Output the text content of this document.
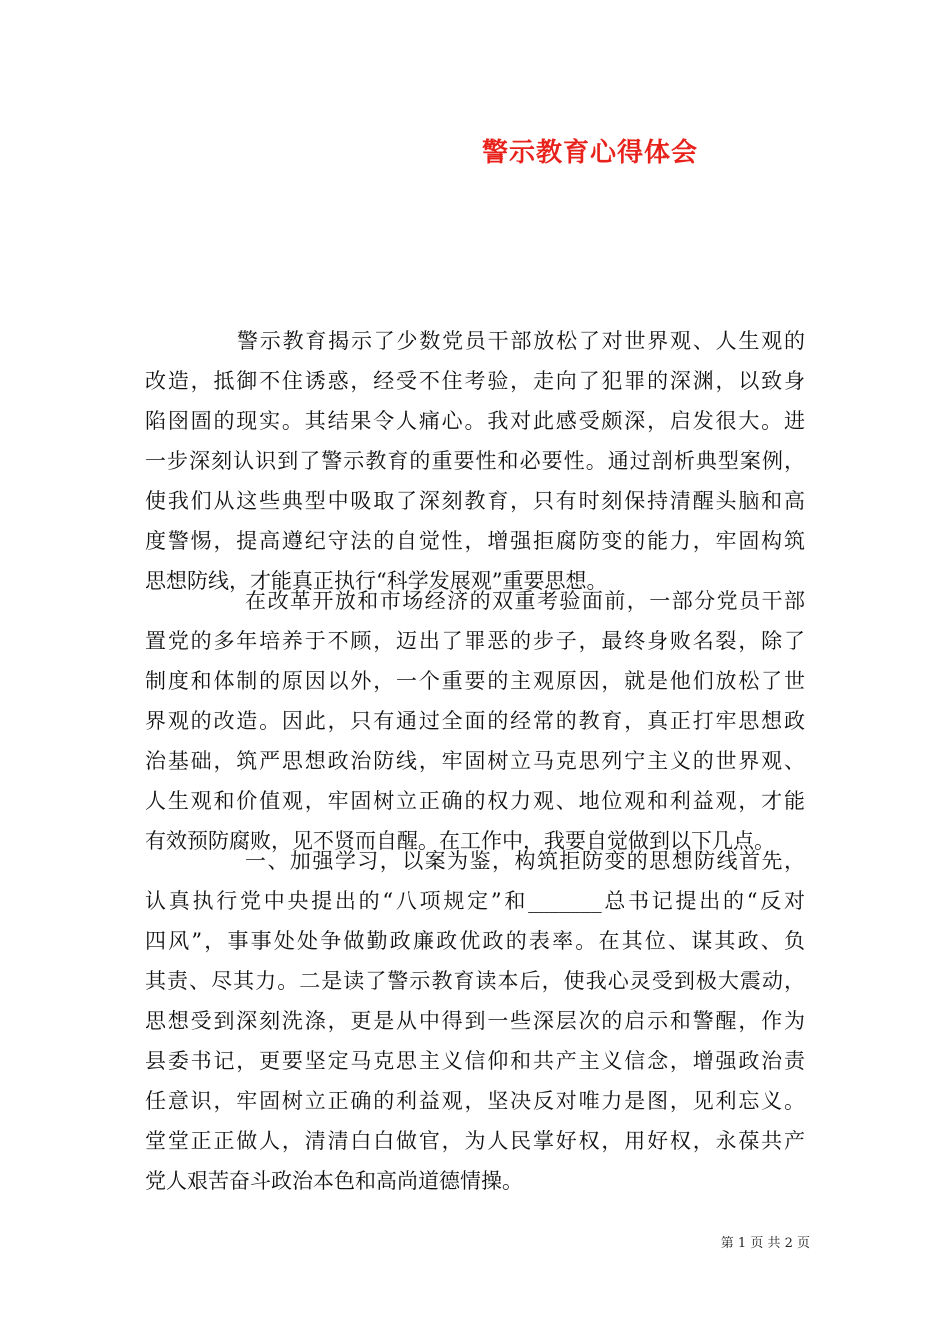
警示教育心得体会
警示教育揭示了少数党员干部放松了对世界观、人生观的
改造，抵御不住诱惑，经受不住考验，走向了犯罪的深渊，以致身
陷囹圄的现实。其结果令人痛心。我对此感受颇深，启发很大。进
一步深刻认识到了警示教育的重要性和必要性。通过剖析典型案例，
使我们从这些典型中吸取了深刻教育，只有时刻保持清醒头脑和高
度警惕，提高遵纪守法的自觉性，增强拒腐防变的能力，牢固构筑
思想防线，才能真正执行“科学发展观”重要思想。
在改革开放和市场经济的双重考验面前，一部分党员干部
置党的多年培养于不顾，迈出了罪恶的步子，最终身败名裂，除了
制度和体制的原因以外，一个重要的主观原因，就是他们放松了世
界观的改造。因此，只有通过全面的经常的教育，真正打牢思想政
治基础，筑严思想政治防线，牢固树立马克思列宁主义的世界观、
人生观和价值观，牢固树立正确的权力观、地位观和利益观，才能
有效预防腐败，见不贤而自醒。在工作中，我要自觉做到以下几点。
一、加强学习，以案为鉴，构筑拒防变的思想防线首先，
认真执行党中央提出的“八项规定”和_______总书记提出的“反对
四风”，事事处处争做勤政廉政优政的表率。在其位、谋其政、负
其责、尽其力。二是读了警示教育读本后，使我心灵受到极大震动，
思想受到深刻洗涤，更是从中得到一些深层次的启示和警醒，作为
县委书记，更要坚定马克思主义信仰和共产主义信念，增强政治责
任意识，牢固树立正确的利益观，坚决反对唯力是图，见利忘义。
堂堂正正做人，清清白白做官，为人民掌好权，用好权，永葆共产
党人艰苦奋斗政治本色和高尚道德情操。
第 1 页 共 2 页
